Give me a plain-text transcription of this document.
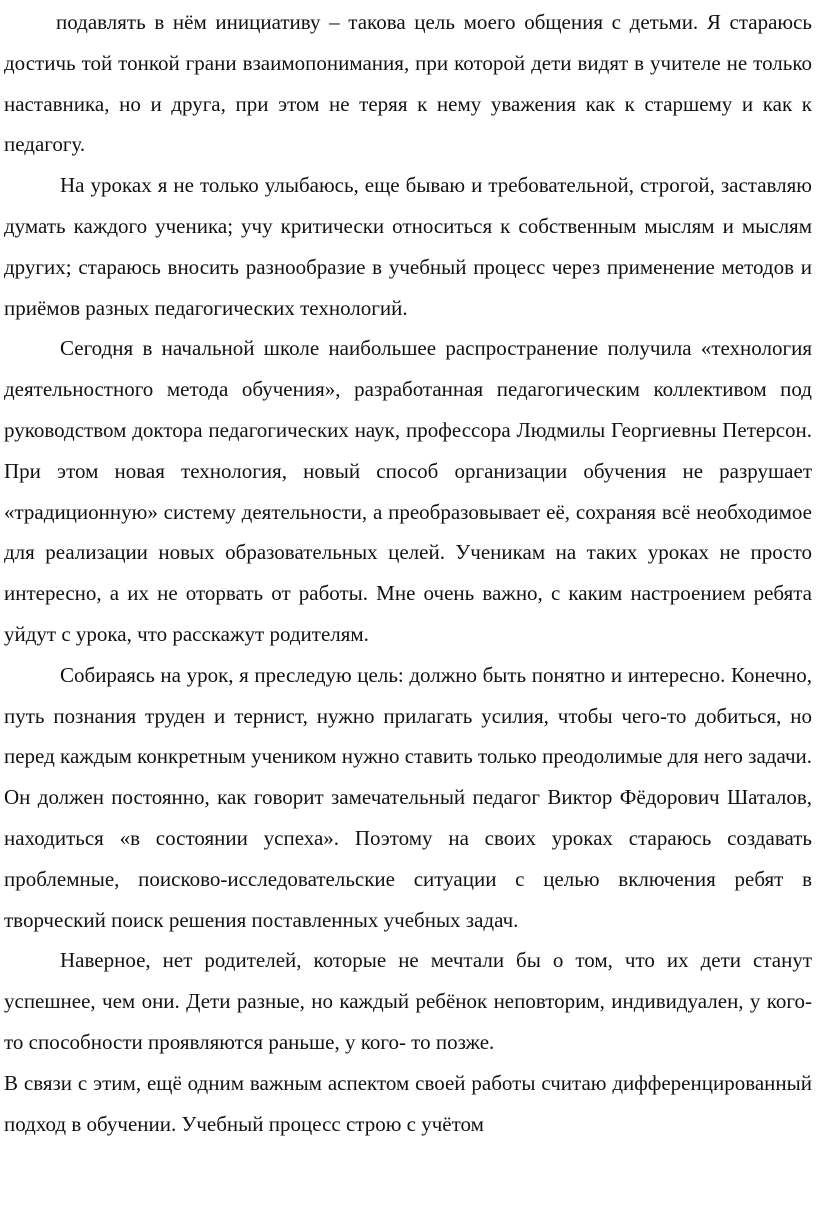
подавлять в нём инициативу – такова цель моего общения с детьми. Я стараюсь достичь той тонкой грани взаимопонимания, при которой дети видят в учителе не только наставника, но и друга, при этом не теряя к нему уважения как к старшему и как к педагогу.

На уроках я не только улыбаюсь, еще бываю и требовательной, строгой, заставляю думать каждого ученика; учу критически относиться к собственным мыслям и мыслям других; стараюсь вносить разнообразие в учебный процесс через применение методов и приёмов разных педагогических технологий.

Сегодня в начальной школе наибольшее распространение получила «технология деятельностного метода обучения», разработанная педагогическим коллективом под руководством доктора педагогических наук, профессора Людмилы Георгиевны Петерсон. При этом новая технология, новый способ организации обучения не разрушает «традиционную» систему деятельности, а преобразовывает её, сохраняя всё необходимое для реализации новых образовательных целей. Ученикам на таких уроках не просто интересно, а их не оторвать от работы. Мне очень важно, с каким настроением ребята уйдут с урока, что расскажут родителям.

Собираясь на урок, я преследую цель: должно быть понятно и интересно. Конечно, путь познания труден и тернист, нужно прилагать усилия, чтобы чего-то добиться, но перед каждым конкретным учеником нужно ставить только преодолимые для него задачи. Он должен постоянно, как говорит замечательный педагог Виктор Фёдорович Шаталов, находиться «в состоянии успеха». Поэтому на своих уроках стараюсь создавать проблемные, поисково-исследовательские ситуации с целью включения ребят в творческий поиск решения поставленных учебных задач.

Наверное, нет родителей, которые не мечтали бы о том, что их дети станут успешнее, чем они. Дети разные, но каждый ребёнок неповторим, индивидуален, у кого-то способности проявляются раньше, у кого- то позже.

В связи с этим, ещё одним важным аспектом своей работы считаю дифференцированный подход в обучении. Учебный процесс строю с учётом
